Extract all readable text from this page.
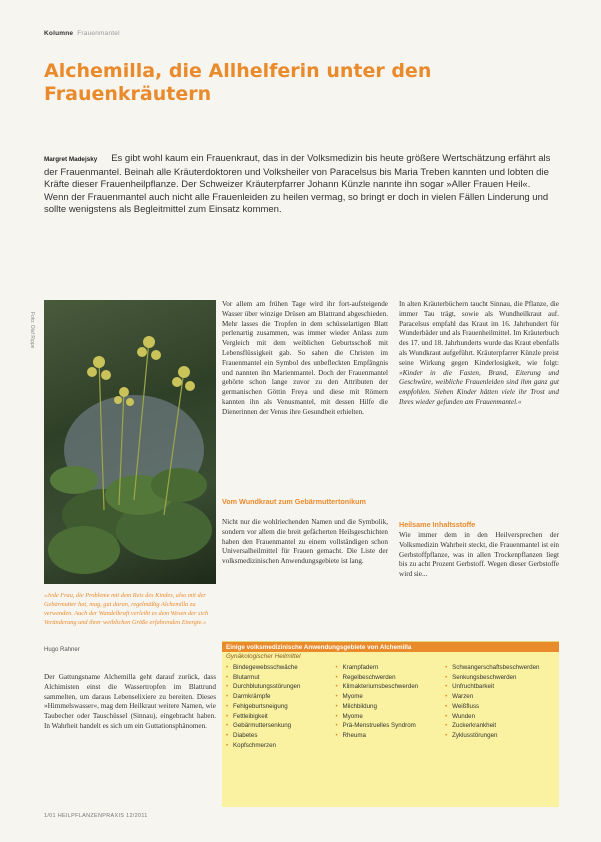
Kolumne Frauenmantel
Alchemilla, die Allhelferin unter den Frauenkräutern

Margret Madejsky Es gibt wohl kaum ein Frauenkraut, das in der Volksmedizin bis heute größere Wertschätzung erfährt als der Frauenmantel. Beinah alle Kräuterdoktoren und Volksheiler von Paracelsus bis Maria Treben kannten und lobten die Kräfte dieser Frauenheilpflanze. Der Schweizer Kräuterpfarrer Johann Künzle nannte ihn sogar »Aller Frauen Heil«. Wenn der Frauenmantel auch nicht alle Frauenleiden zu heilen vermag, so bringt er doch in vielen Fällen Linderung und sollte wenigstens als Begleitmittel zum Einsatz kommen.

Foto: Olaf Rippe

»Jede Frau, die Probleme mit dem Reis des Kindes, also mit der Gebärmutter hat, mag, gut daran, regelmäßig Alchemilla zu verwenden. Auch der Wandelkraft verleiht es dem Wesen der sich Veränderung und ihrer weiblichen Größe erfahrenden Energie.«

Hugo Rahner

Vor allem am frühen Tage wird ihr fort-aufsteigende Wasser über winzige Drüsen am Blattrand abgeschieden. Mehr lasses die Tropfen in dem schüsselartigen Blatt perlenartig zusammen, was immer wieder Anlass zum Vergleich mit dem weiblichen Geburtsschoß mit Lebensflüssigkeit gab. So sahen die Christen im Frauenmantel ein Symbol des unbefleckten Empfängnis und nannten ihn Marienmantel. Doch der Frauenmantel gehörte schon lange zuvor zu den Attributen der germanischen Göttin Freya und diese mit Römern kannten ihn als Venusmantel, mit dessen Hilfe die Dienerinnen der Venus ihre Gesundheit erhielten.

In alten Kräuterbüchern taucht Sinnau, die Pflanze, die immer Tau trägt, sowie als Wundheilkraut auf. Paracelsus empfahl das Kraut im 16. Jahrhundert für Wunderbäder und als Frauenheilmittel. Im Kräuterbuch des 17. und 18. Jahrhunderts wurde das Kraut ebenfalls als Wundkraut aufgeführt. Kräuterpfarrer Künzle preist seine Wirkung gegen Kinderlosigkeit, wie folgt: »Kinder in die Fasten, Brand, Eiterung und Geschwüre, weibliche Frauenleiden sind ihm ganz gut empfohlen. Sieben Kinder hätten viele ihr Trost und Ihres wieder gefunden am Frauenmantel.«
Vom Wundkraut zum Gebärmuttertonikum

Nicht nur die wohlriechenden Namen und die Symbolik, sondern vor allem die breit gefächerten Heilsgeschichten haben den Frauenmantel zu einem vollständigen schon Universalheilmittel für Frauen gemacht. Die Liste der volksmedizinischen Anwendungsgebiete ist lang.

Heilsame Inhaltsstoffe

Wie immer dem in den Heilversprechen der Volksmedizin Wahrheit steckt, die Frauenmantel ist ein Gerbstoffpflanze, was in allen Trockenpflanzen liegt bis zu acht Prozent Gerbstoff. Wegen dieser Gerbstoffe wird sie...

Der Gattungsname Alchemilla geht darauf zurück, dass Alchimisten einst die Wassertropfen im Blattrund sammelten, um daraus Lebenselixiere zu bereiten. Dieses »Himmelswasser«, mag dem Heilkraut weitere Namen, wie Taubecher oder Tauschüssel (Sinnau), eingebracht haben. In Wahrheit handelt es sich um ein Guttationsphänomen.

Einige volksmedizinische Anwendungsgebiete von Alchemilla
Gynäkologischer Heilmittel
• Bindegewebsschwäche
• Blutarmut
• Durchblutungsstörungen
• Darmkrämpfe
• Fehlgeburtsneigung
• Fettleibigkeit
• Gebärmuttersenkung
• Diabetes
• Kopfschmerzen
• Krampfadern
• Regelbeschwerden
• Klimakteriumsbeschwerden
• Myome
• Milchbildung
• Myome
• Prä-Menstruelles Syndrom
• Rheuma
• Schwangerschaftsbeschwerden
• Senkungsbeschwerden
• Unfruchtbarkeit
• Warzen
• Weißfluss
• Wunden
• Zuckerkrankheit
• Zyklusstörungen
1/01 HEILPFLANZENPRAXIS 12/2011
